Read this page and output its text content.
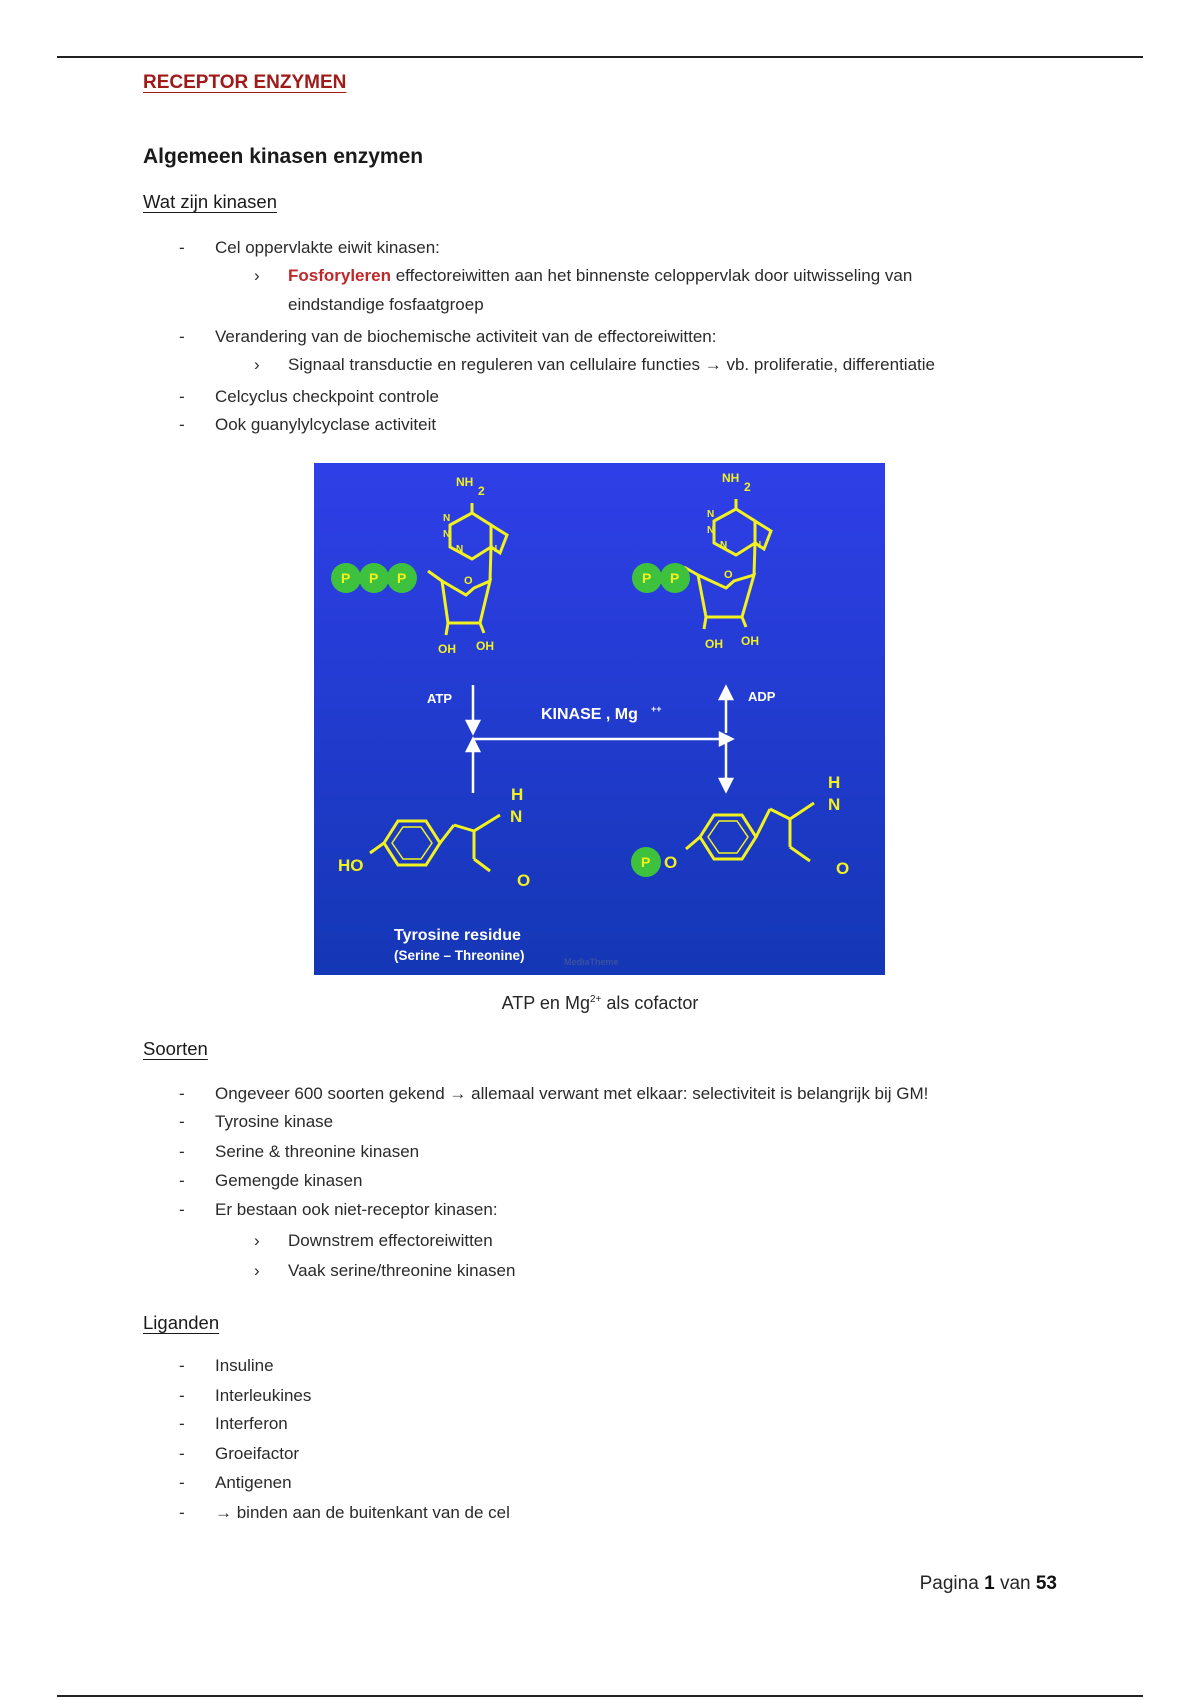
RECEPTOR ENZYMEN
Algemeen kinasen enzymen
Wat zijn kinasen
- Cel oppervlakte eiwit kinasen:
› Fosforyleren effectoreiwitten aan het binnenste celoppervlak door uitwisseling van
eindstandige fosfaatgroep
- Verandering van de biochemische activiteit van de effectoreiwitten:
› Signaal transductie en reguleren van cellulaire functies → vb. proliferatie, differentiatie
- Celcyclus checkpoint controle
- Ook guanylylcyclase activiteit
NH
2
N
N
N	N
O
OH OH
P P P
NH
2
N
N
N	N
O
OH OH
P P
ATP	ADP
KINASE , Mg ++
HO
H
N
O
P O
H
N
O
Tyrosine residue
(Serine – Threonine)	MediaTheme
ATP en $Mg^{2+}$ als cofactor
Soorten
- Ongeveer 600 soorten gekend → allemaal verwant met elkaar: selectiviteit is belangrijk bij GM!
- Tyrosine kinase
- Serine & threonine kinasen
- Gemengde kinasen
- Er bestaan ook niet-receptor kinasen:
› Downstrem effectoreiwitten
› Vaak serine/threonine kinasen
Liganden
- Insuline
- Interleukines
- Interferon
- Groeifactor
- Antigenen
- → binden aan de buitenkant van de cel
Pagina 1 van 53
